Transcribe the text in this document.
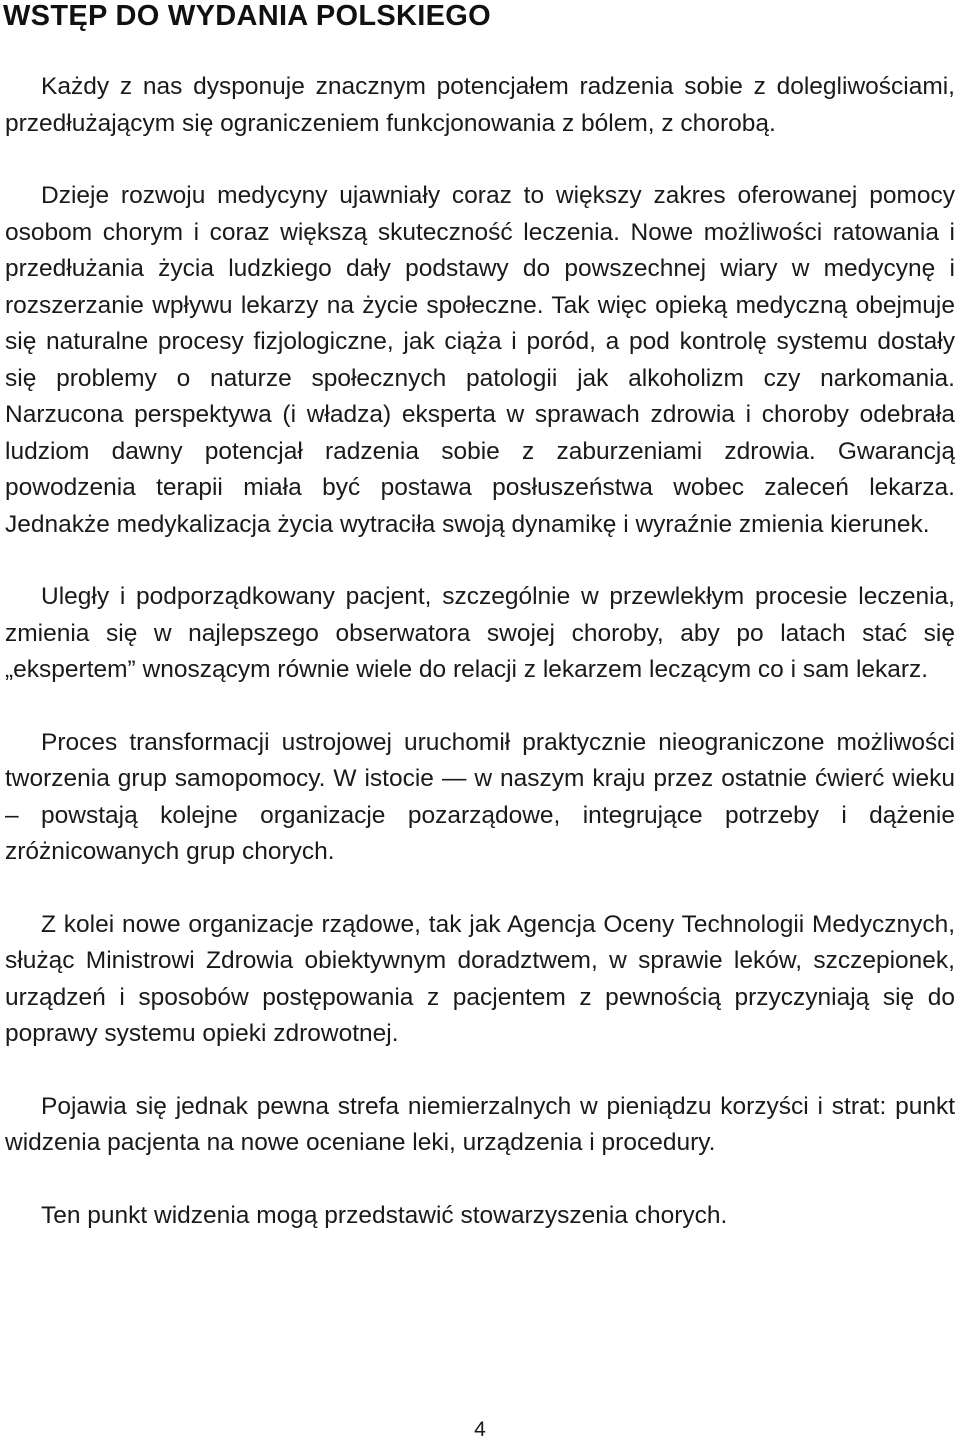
WSTĘP DO WYDANIA POLSKIEGO

Każdy z nas dysponuje znacznym potencjałem radzenia sobie z dolegliwościami, przedłużającym się ograniczeniem funkcjonowania z bólem, z chorobą.

Dzieje rozwoju medycyny ujawniały coraz to większy zakres oferowanej pomocy osobom chorym i coraz większą skuteczność leczenia. Nowe możliwości ratowania i przedłużania życia ludzkiego dały podstawy do powszechnej wiary w medycynę i rozszerzanie wpływu lekarzy na życie społeczne. Tak więc opieką medyczną obejmuje się naturalne procesy fizjologiczne, jak ciąża i poród, a pod kontrolę systemu dostały się problemy o naturze społecznych patologii jak alkoholizm czy narkomania. Narzucona perspektywa (i władza) eksperta w sprawach zdrowia i choroby odebrała ludziom dawny potencjał radzenia sobie z zaburzeniami zdrowia. Gwarancją powodzenia terapii miała być postawa posłuszeństwa wobec zaleceń lekarza. Jednakże medykalizacja życia wytraciła swoją dynamikę i wyraźnie zmienia kierunek.

Uległy i podporządkowany pacjent, szczególnie w przewlekłym procesie leczenia, zmienia się w najlepszego obserwatora swojej choroby, aby po latach stać się „ekspertem” wnoszącym równie wiele do relacji z lekarzem leczącym co i sam lekarz.

Proces transformacji ustrojowej uruchomił praktycznie nieograniczone możliwości tworzenia grup samopomocy. W istocie — w naszym kraju przez ostatnie ćwierć wieku – powstają kolejne organizacje pozarządowe, integrujące potrzeby i dążenie zróżnicowanych grup chorych.

Z kolei nowe organizacje rządowe, tak jak Agencja Oceny Technologii Medycznych, służąc Ministrowi Zdrowia obiektywnym doradztwem, w sprawie leków, szczepionek, urządzeń i sposobów postępowania z pacjentem z pewnością przyczyniają się do poprawy systemu opieki zdrowotnej.

Pojawia się jednak pewna strefa niemierzalnych w pieniądzu korzyści i strat: punkt widzenia pacjenta na nowe oceniane leki, urządzenia i procedury.

Ten punkt widzenia mogą przedstawić stowarzyszenia chorych.

4
